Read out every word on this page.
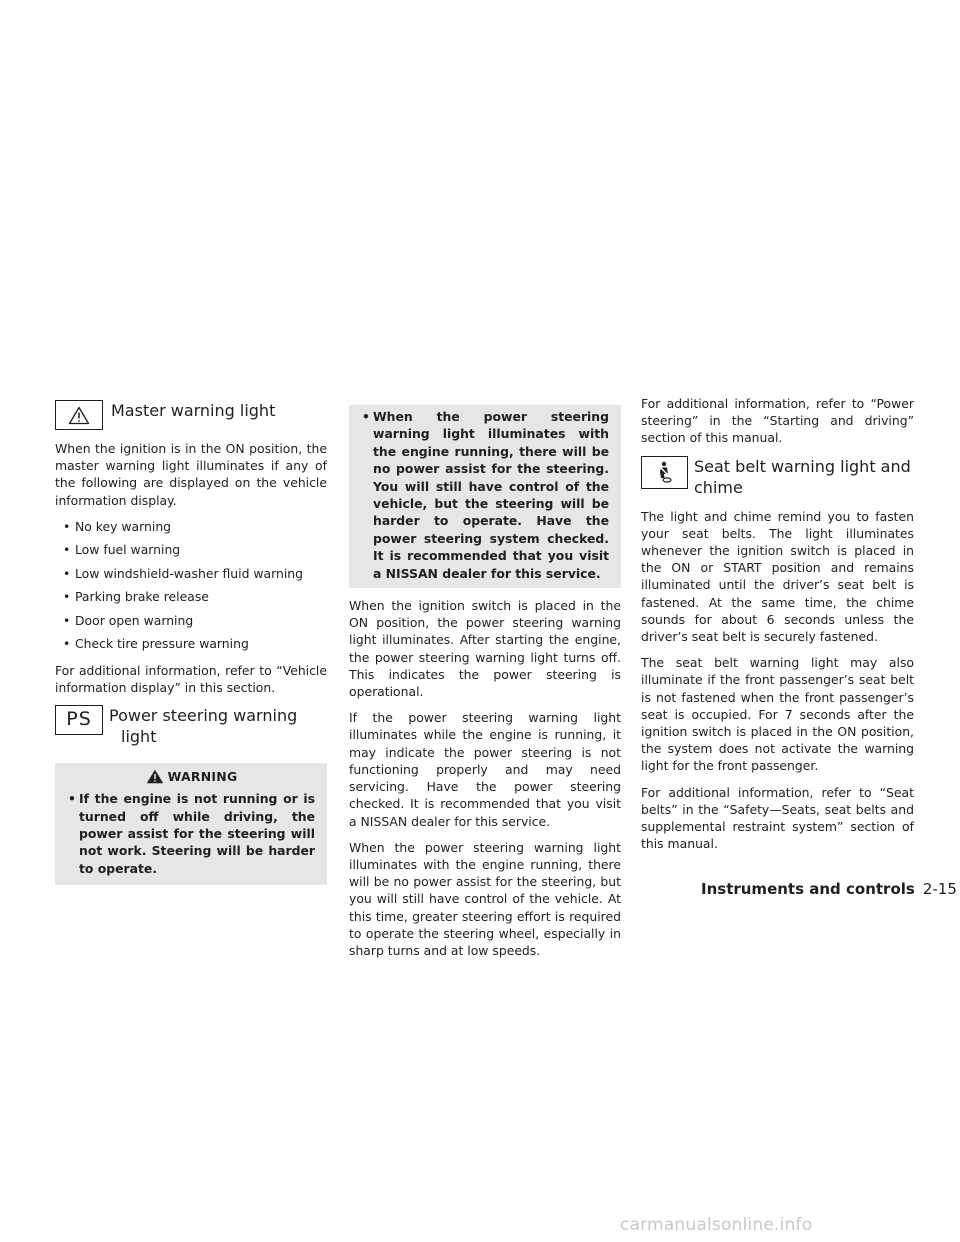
Master warning light

When the ignition is in the ON position, the master warning light illuminates if any of the following are displayed on the vehicle information display.

• No key warning
• Low fuel warning
• Low windshield-washer fluid warning
• Parking brake release
• Door open warning
• Check tire pressure warning

For additional information, refer to “Vehicle information display” in this section.

PS Power steering warning
light
WARNING
• If the engine is not running or is turned off while driving, the power assist for the steering will not work. Steering will be harder to operate.
• When the power steering warning light illuminates with the engine running, there will be no power assist for the steering. You will still have control of the vehicle, but the steering will be harder to operate. Have the power steering system checked. It is recommended that you visit a NISSAN dealer for this service.

When the ignition switch is placed in the ON position, the power steering warning light illuminates. After starting the engine, the power steering warning light turns off. This indicates the power steering is operational.

If the power steering warning light illuminates while the engine is running, it may indicate the power steering is not functioning properly and may need servicing. Have the power steering checked. It is recommended that you visit a NISSAN dealer for this service.

When the power steering warning light illuminates with the engine running, there will be no power assist for the steering, but you will still have control of the vehicle. At this time, greater steering effort is required to operate the steering wheel, especially in sharp turns and at low speeds.

For additional information, refer to “Power steering” in the “Starting and driving” section of this manual.

Seat belt warning light and
chime

The light and chime remind you to fasten your seat belts. The light illuminates whenever the ignition switch is placed in the ON or START position and remains illuminated until the driver’s seat belt is fastened. At the same time, the chime sounds for about 6 seconds unless the driver’s seat belt is securely fastened.

The seat belt warning light may also illuminate if the front passenger’s seat belt is not fastened when the front passenger’s seat is occupied. For 7 seconds after the ignition switch is placed in the ON position, the system does not activate the warning light for the front passenger.

For additional information, refer to “Seat belts” in the “Safety—Seats, seat belts and supplemental restraint system” section of this manual.

Instruments and controls 2-15
carmanualsonline.info
